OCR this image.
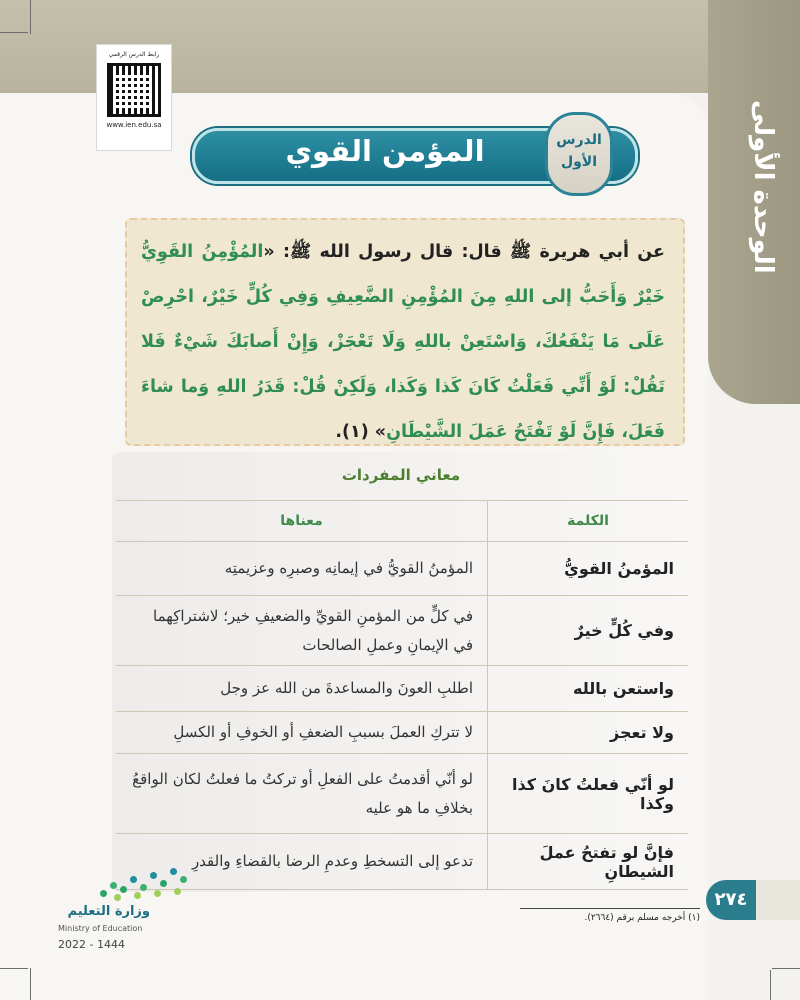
الوحدة الأولى
رابط الدرس الرقمي
www.ien.edu.sa
المؤمن القوي	الدرس
الأول
عن أبي هريرة ﷺ قال: قال رسول الله ﷺ: «المُؤْمِنُ القَوِيُّ خَيْرٌ وَأَحَبُّ إلى اللهِ مِنَ المُؤْمِنِ الضَّعِيفِ وَفِي كُلٍّ خَيْرٌ، احْرِصْ عَلَى مَا يَنْفَعُكَ، وَاسْتَعِنْ باللهِ وَلَا تَعْجَزْ، وَإِنْ أَصابَكَ شَيْءٌ فَلا تَقُلْ: لَوْ أَنِّي فَعَلْتُ كَانَ كَذا وَكَذا، وَلَكِنْ قُلْ: قَدَرُ اللهِ وَما شاءَ فَعَلَ، فَإِنَّ لَوْ تَفْتَحُ عَمَلَ الشَّيْطَانِ» (١).
معاني المفردات
الكلمة	معناها
المؤمنُ القويُّ	المؤمنُ القويُّ في إيمانِه وصبرِه وعزيمتِه
وفي كُلٍّ خيرٌ	في كلٍّ من المؤمنِ القويِّ والضعيفِ خير؛ لاشتراكِهما في الإيمانِ وعملِ الصالحات
واستعن بالله	اطلبِ العونَ والمساعدةَ من الله عز وجل
ولا تعجز	لا تتركِ العملَ بسببِ الضعفِ أو الخوفِ أو الكسلِ
لو أنّي فعلتُ كانَ كذا وكذا	لو أنّي أقدمتُ على الفعلِ أو تركتُ ما فعلتُ لكان الواقعُ بخلافِ ما هو عليه
فإنَّ لو تفتحُ عملَ الشيطانِ	تدعو إلى التسخطِ وعدمِ الرضا بالقضاءِ والقدرِ
٢٧٤
(١) أخرجه مسلم برقم (٢٦٦٤).
وزارة التعليم
Ministry of Education
2022 - 1444
